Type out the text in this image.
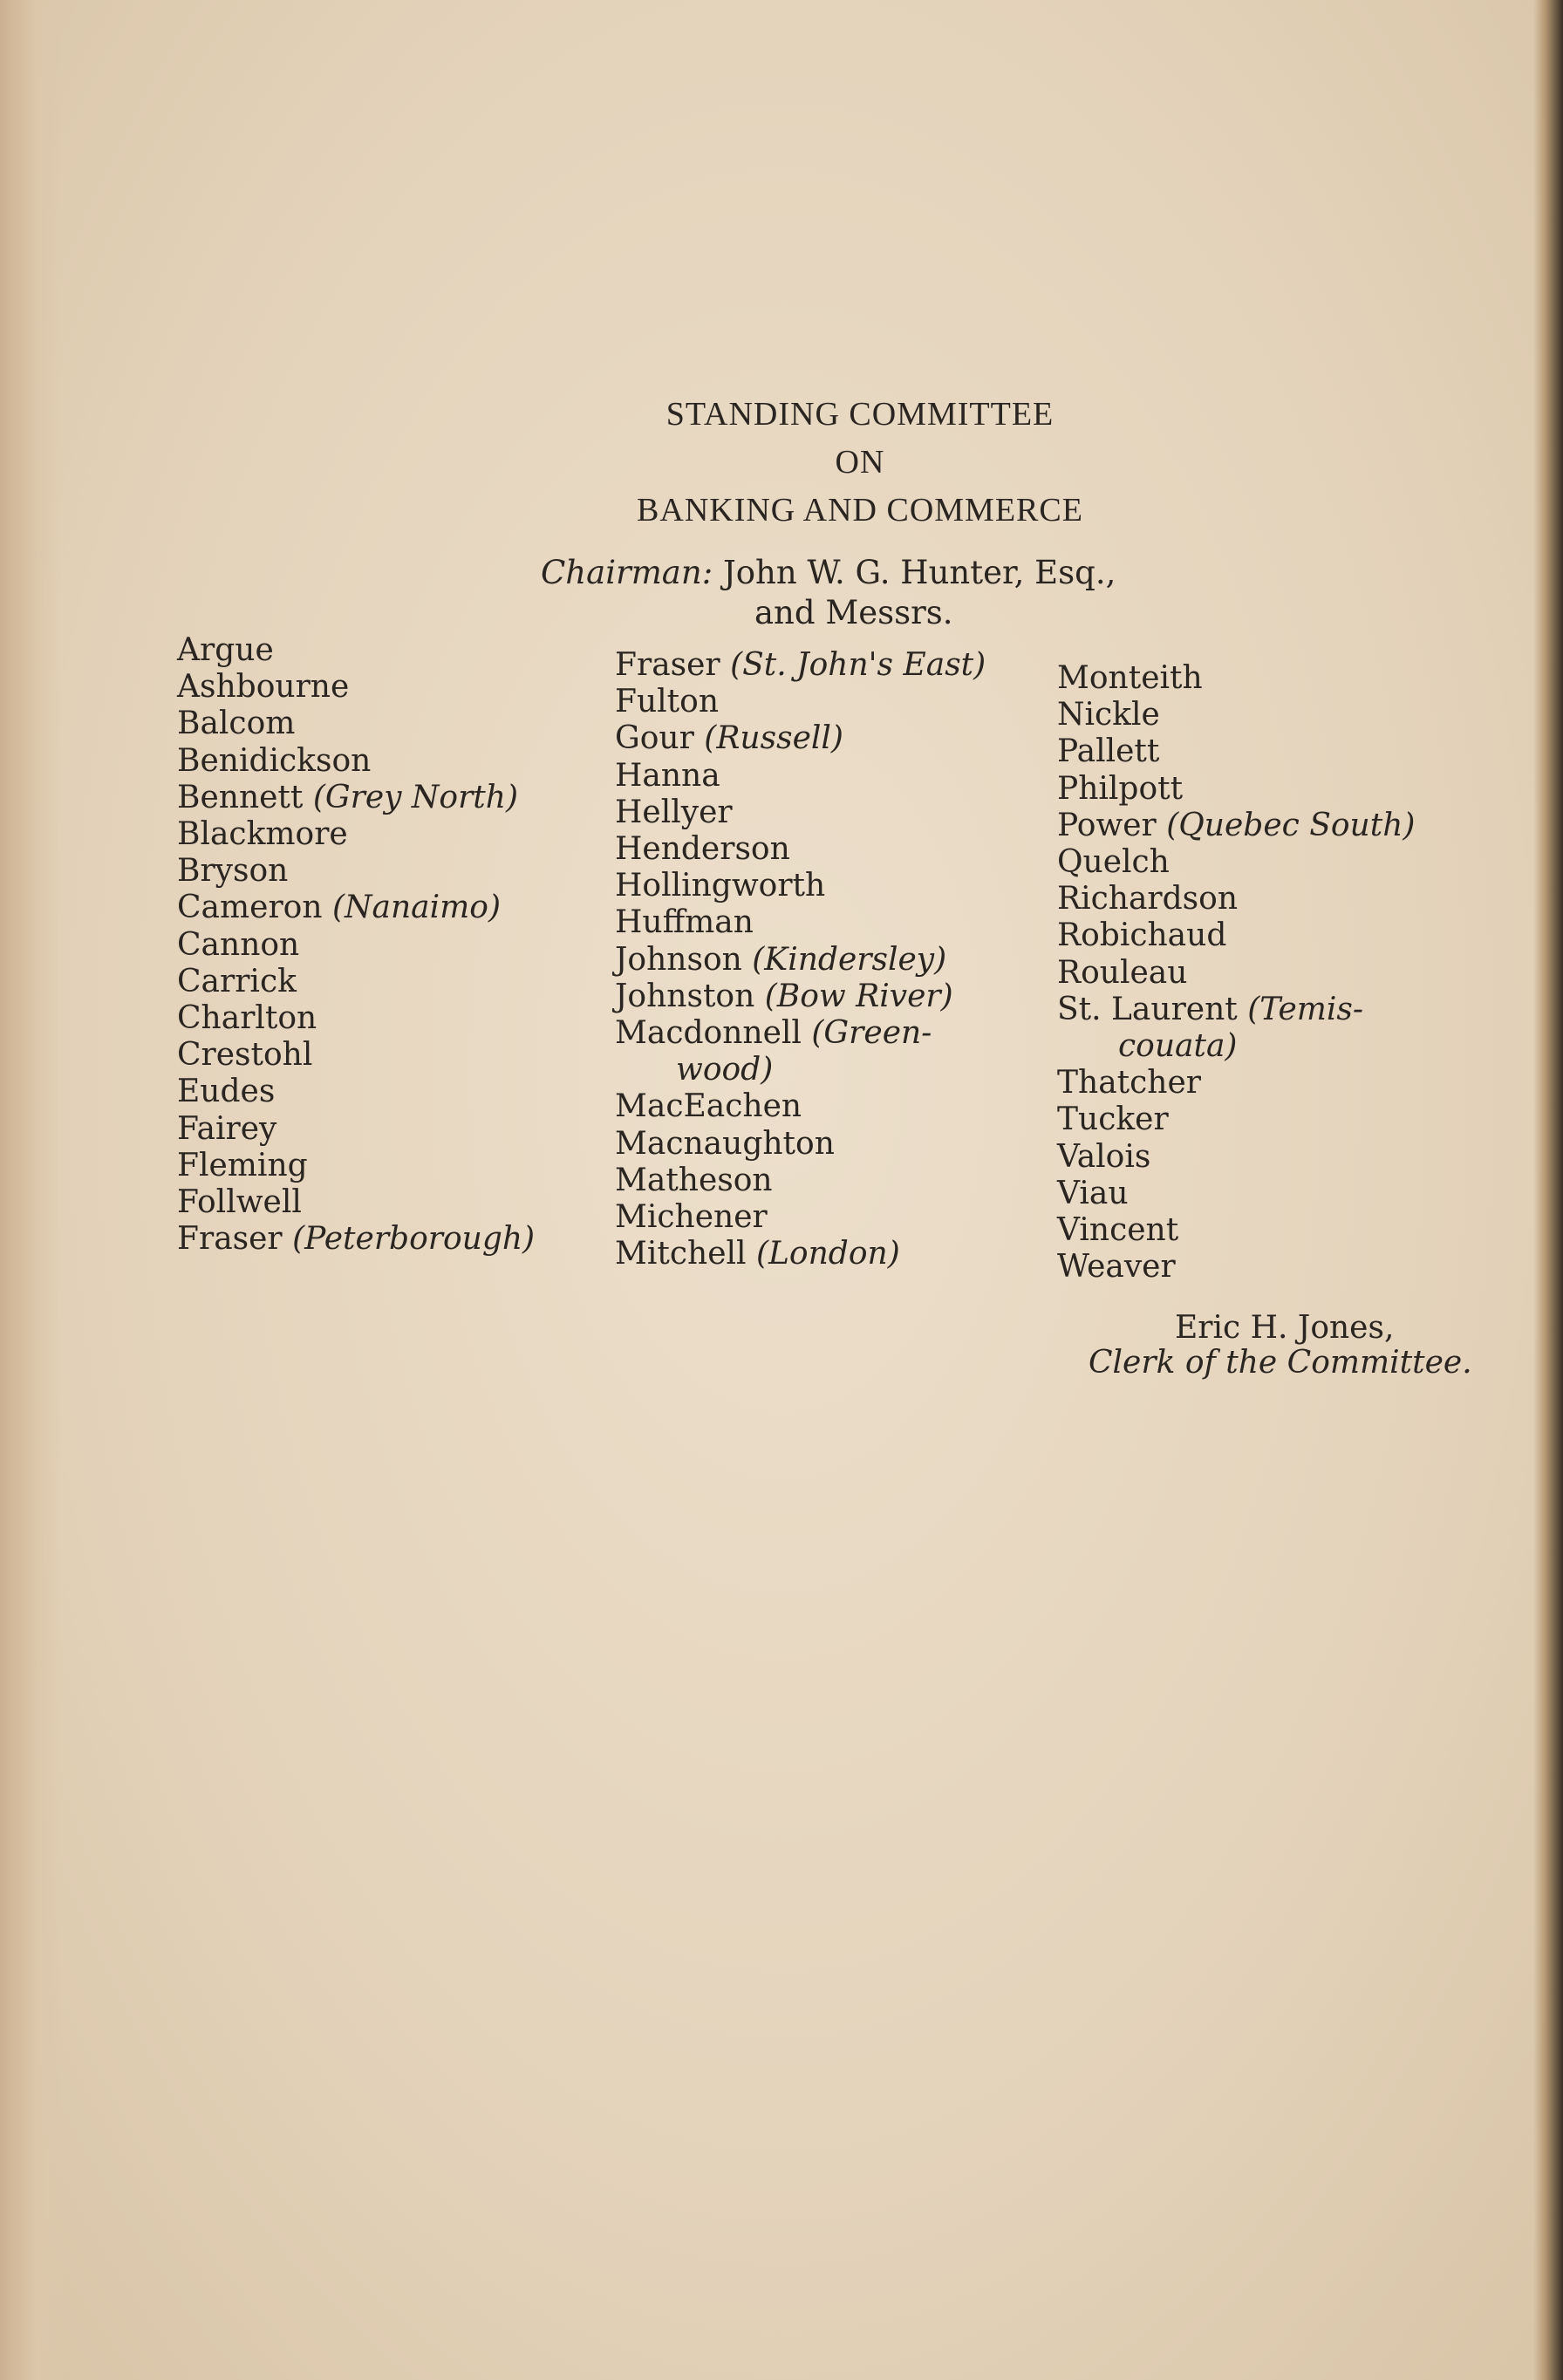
STANDING COMMITTEE
ON
BANKING AND COMMERCE
Chairman: John W. G. Hunter, Esq.,
and Messrs.
Argue
Ashbourne
Balcom
Benidickson
Bennett (Grey North)
Blackmore
Bryson
Cameron (Nanaimo)
Cannon
Carrick
Charlton
Crestohl
Eudes
Fairey
Fleming
Follwell
Fraser (Peterborough)
Fraser (St. John's East)
Fulton
Gour (Russell)
Hanna
Hellyer
Henderson
Hollingworth
Huffman
Johnson (Kindersley)
Johnston (Bow River)
Macdonnell (Green-
wood)
MacEachen
Macnaughton
Matheson
Michener
Mitchell (London)
Monteith
Nickle
Pallett
Philpott
Power (Quebec South)
Quelch
Richardson
Robichaud
Rouleau
St. Laurent (Temis-
couata)
Thatcher
Tucker
Valois
Viau
Vincent
Weaver
Eric H. Jones,
Clerk of the Committee.
